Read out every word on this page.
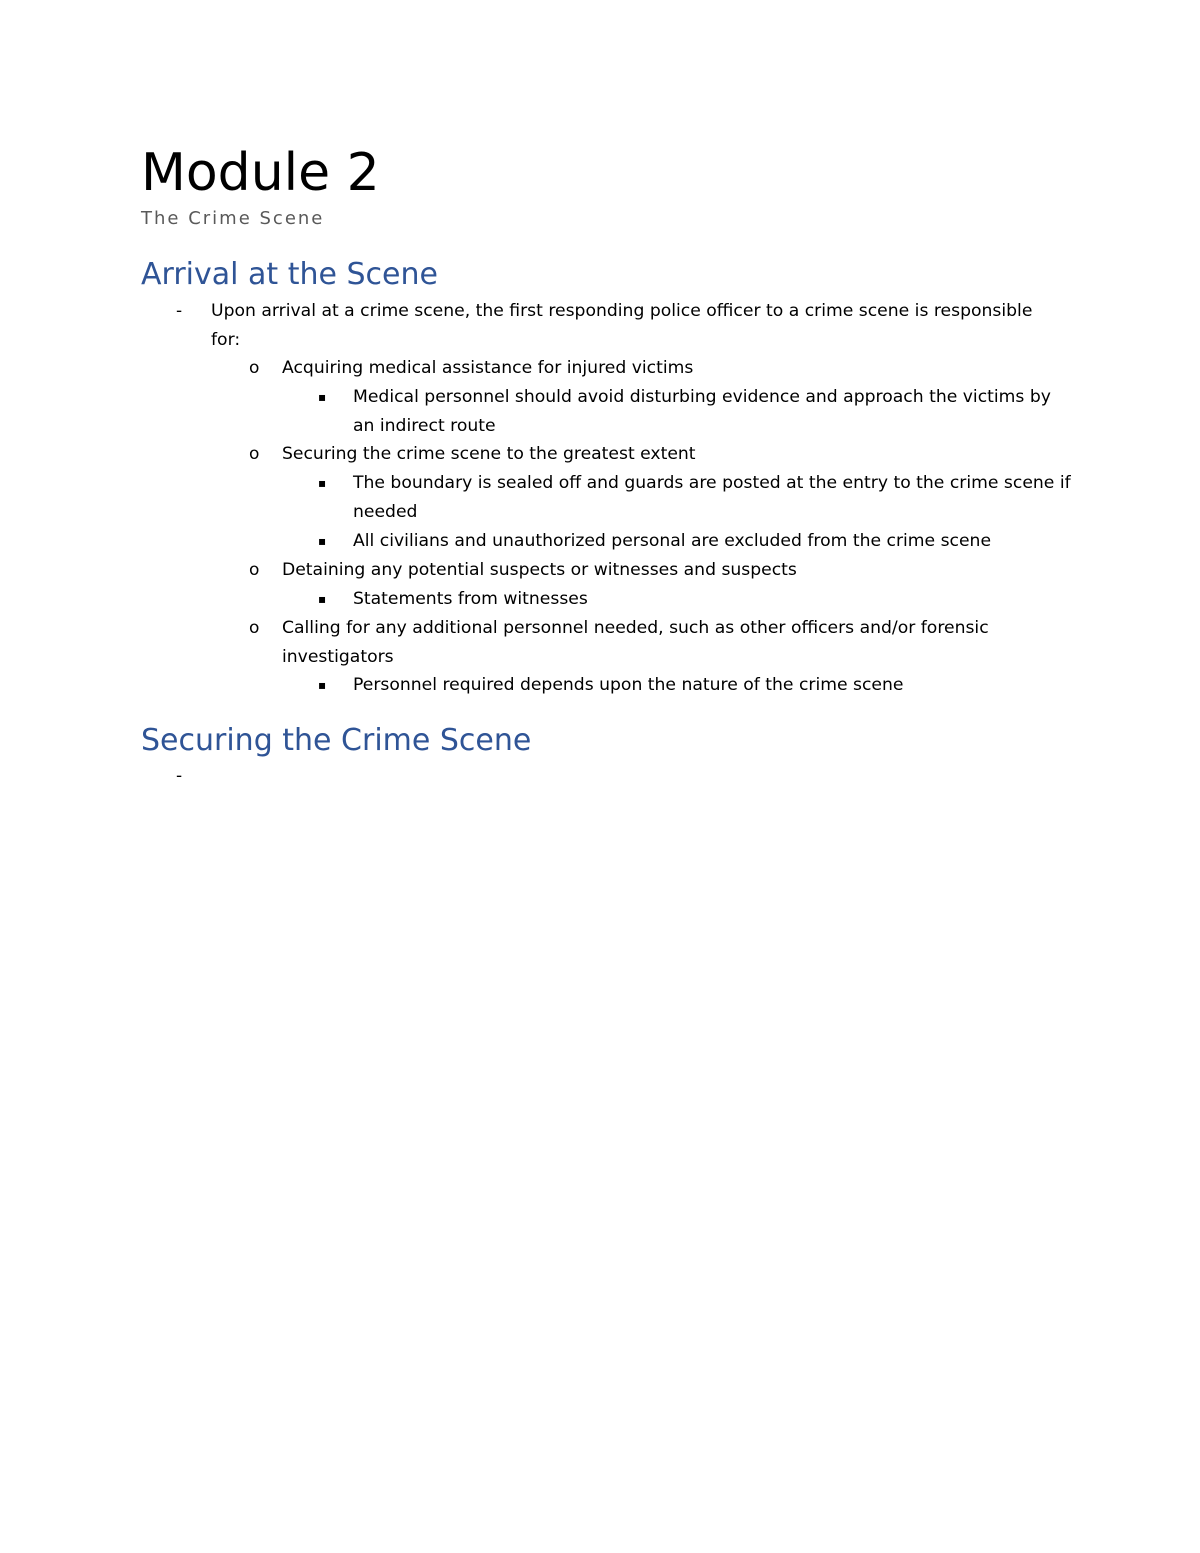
Module 2
The Crime Scene
Arrival at the Scene
- Upon arrival at a crime scene, the first responding police officer to a crime scene is responsible for:
o Acquiring medical assistance for injured victims
▪ Medical personnel should avoid disturbing evidence and approach the victims by an indirect route
o Securing the crime scene to the greatest extent
▪ The boundary is sealed off and guards are posted at the entry to the crime scene if needed
▪ All civilians and unauthorized personal are excluded from the crime scene
o Detaining any potential suspects or witnesses and suspects
▪ Statements from witnesses
o Calling for any additional personnel needed, such as other officers and/or forensic investigators
▪ Personnel required depends upon the nature of the crime scene
Securing the Crime Scene
-
